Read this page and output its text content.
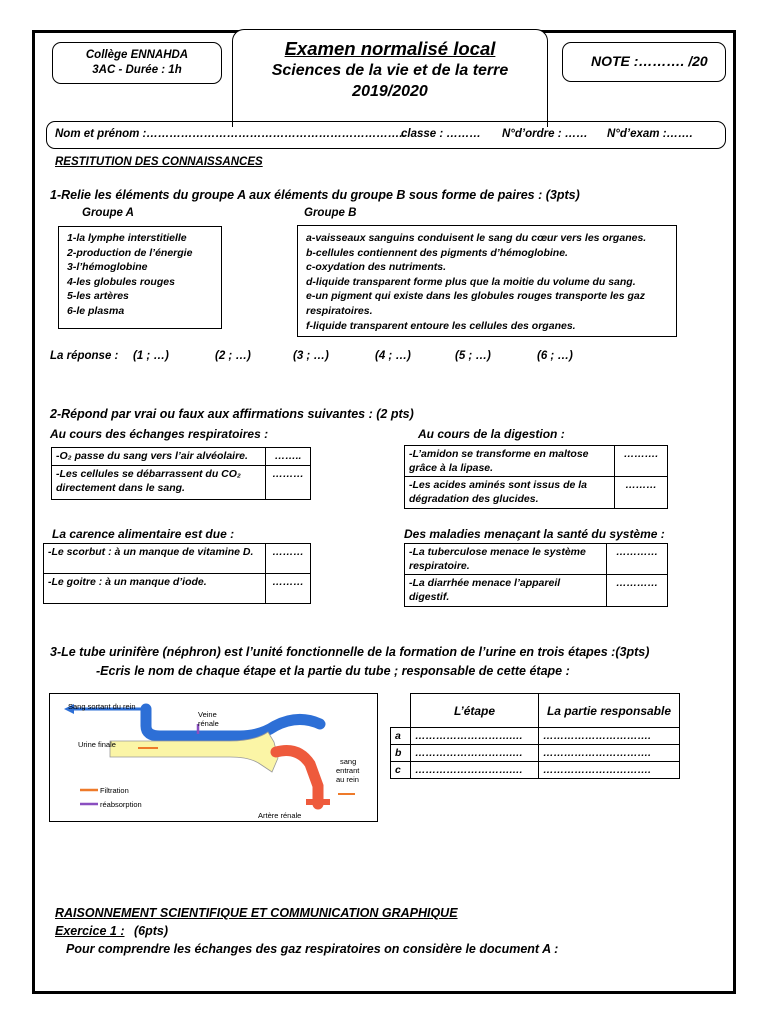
Collège ENNAHDA
3AC - Durée : 1h
Examen normalisé local
Sciences de la vie et de la terre
2019/2020
NOTE :………. /20
Nom et prénom :…………………………………………………………..
classe : ……… N°d’ordre : …… N°d’exam :…….
RESTITUTION DES CONNAISSANCES
1-Relie les éléments du groupe A aux éléments du groupe B sous forme de paires : (3pts)
Groupe A	Groupe B
1-la lymphe interstitielle
2-production de l’énergie
3-l’hémoglobine
4-les globules rouges
5-les artères
6-le plasma
a-vaisseaux sanguins conduisent le sang du cœur vers les organes.
b-cellules contiennent des pigments d’hémoglobine.
c-oxydation des nutriments.
d-liquide transparent forme plus que la moitie du volume du sang.
e-un pigment qui existe dans les globules rouges transporte les gaz
respiratoires.
f-liquide transparent entoure les cellules des organes.
La réponse : (1 ; …)	(2 ; …)	(3 ; …)	(4 ; …)	(5 ; …)	(6 ; …)
2-Répond par vrai ou faux aux affirmations suivantes : (2 pts)
Au cours des échanges respiratoires :	Au cours de la digestion :
La carence alimentaire est due :	Des maladies menaçant la santé du système :
-O₂ passe du sang vers l’air alvéolaire.	……..
-Les cellules se débarrassent du CO₂ directement dans le sang.	………
-L’amidon se transforme en maltose grâce à la lipase.	……….
-Les acides aminés sont issus de la dégradation des glucides.	………
-Le scorbut : à un manque de vitamine D.	………
-Le goitre : à un manque d’iode.	………
-La tuberculose menace le système respiratoire.	…………
-La diarrhée menace l’appareil digestif.	…………
3-Le tube urinifère (néphron) est l’unité fonctionnelle de la formation de l’urine en trois étapes :(3pts)
-Ecris le nom de chaque étape et la partie du tube ; responsable de cette étape :
Sang sortant du rein
Veine
rénale
Urine finale
sang
entrant
au rein
Artère rénale
Filtration
réabsorption
	L’étape	La partie responsable
a	……………………….…	………………………….
b	……………………….…	………………………….
c	……………………….…	………………………….
RAISONNEMENT SCIENTIFIQUE ET COMMUNICATION GRAPHIQUE
Exercice 1 : (6pts)
Pour comprendre les échanges des gaz respiratoires on considère le document A :
